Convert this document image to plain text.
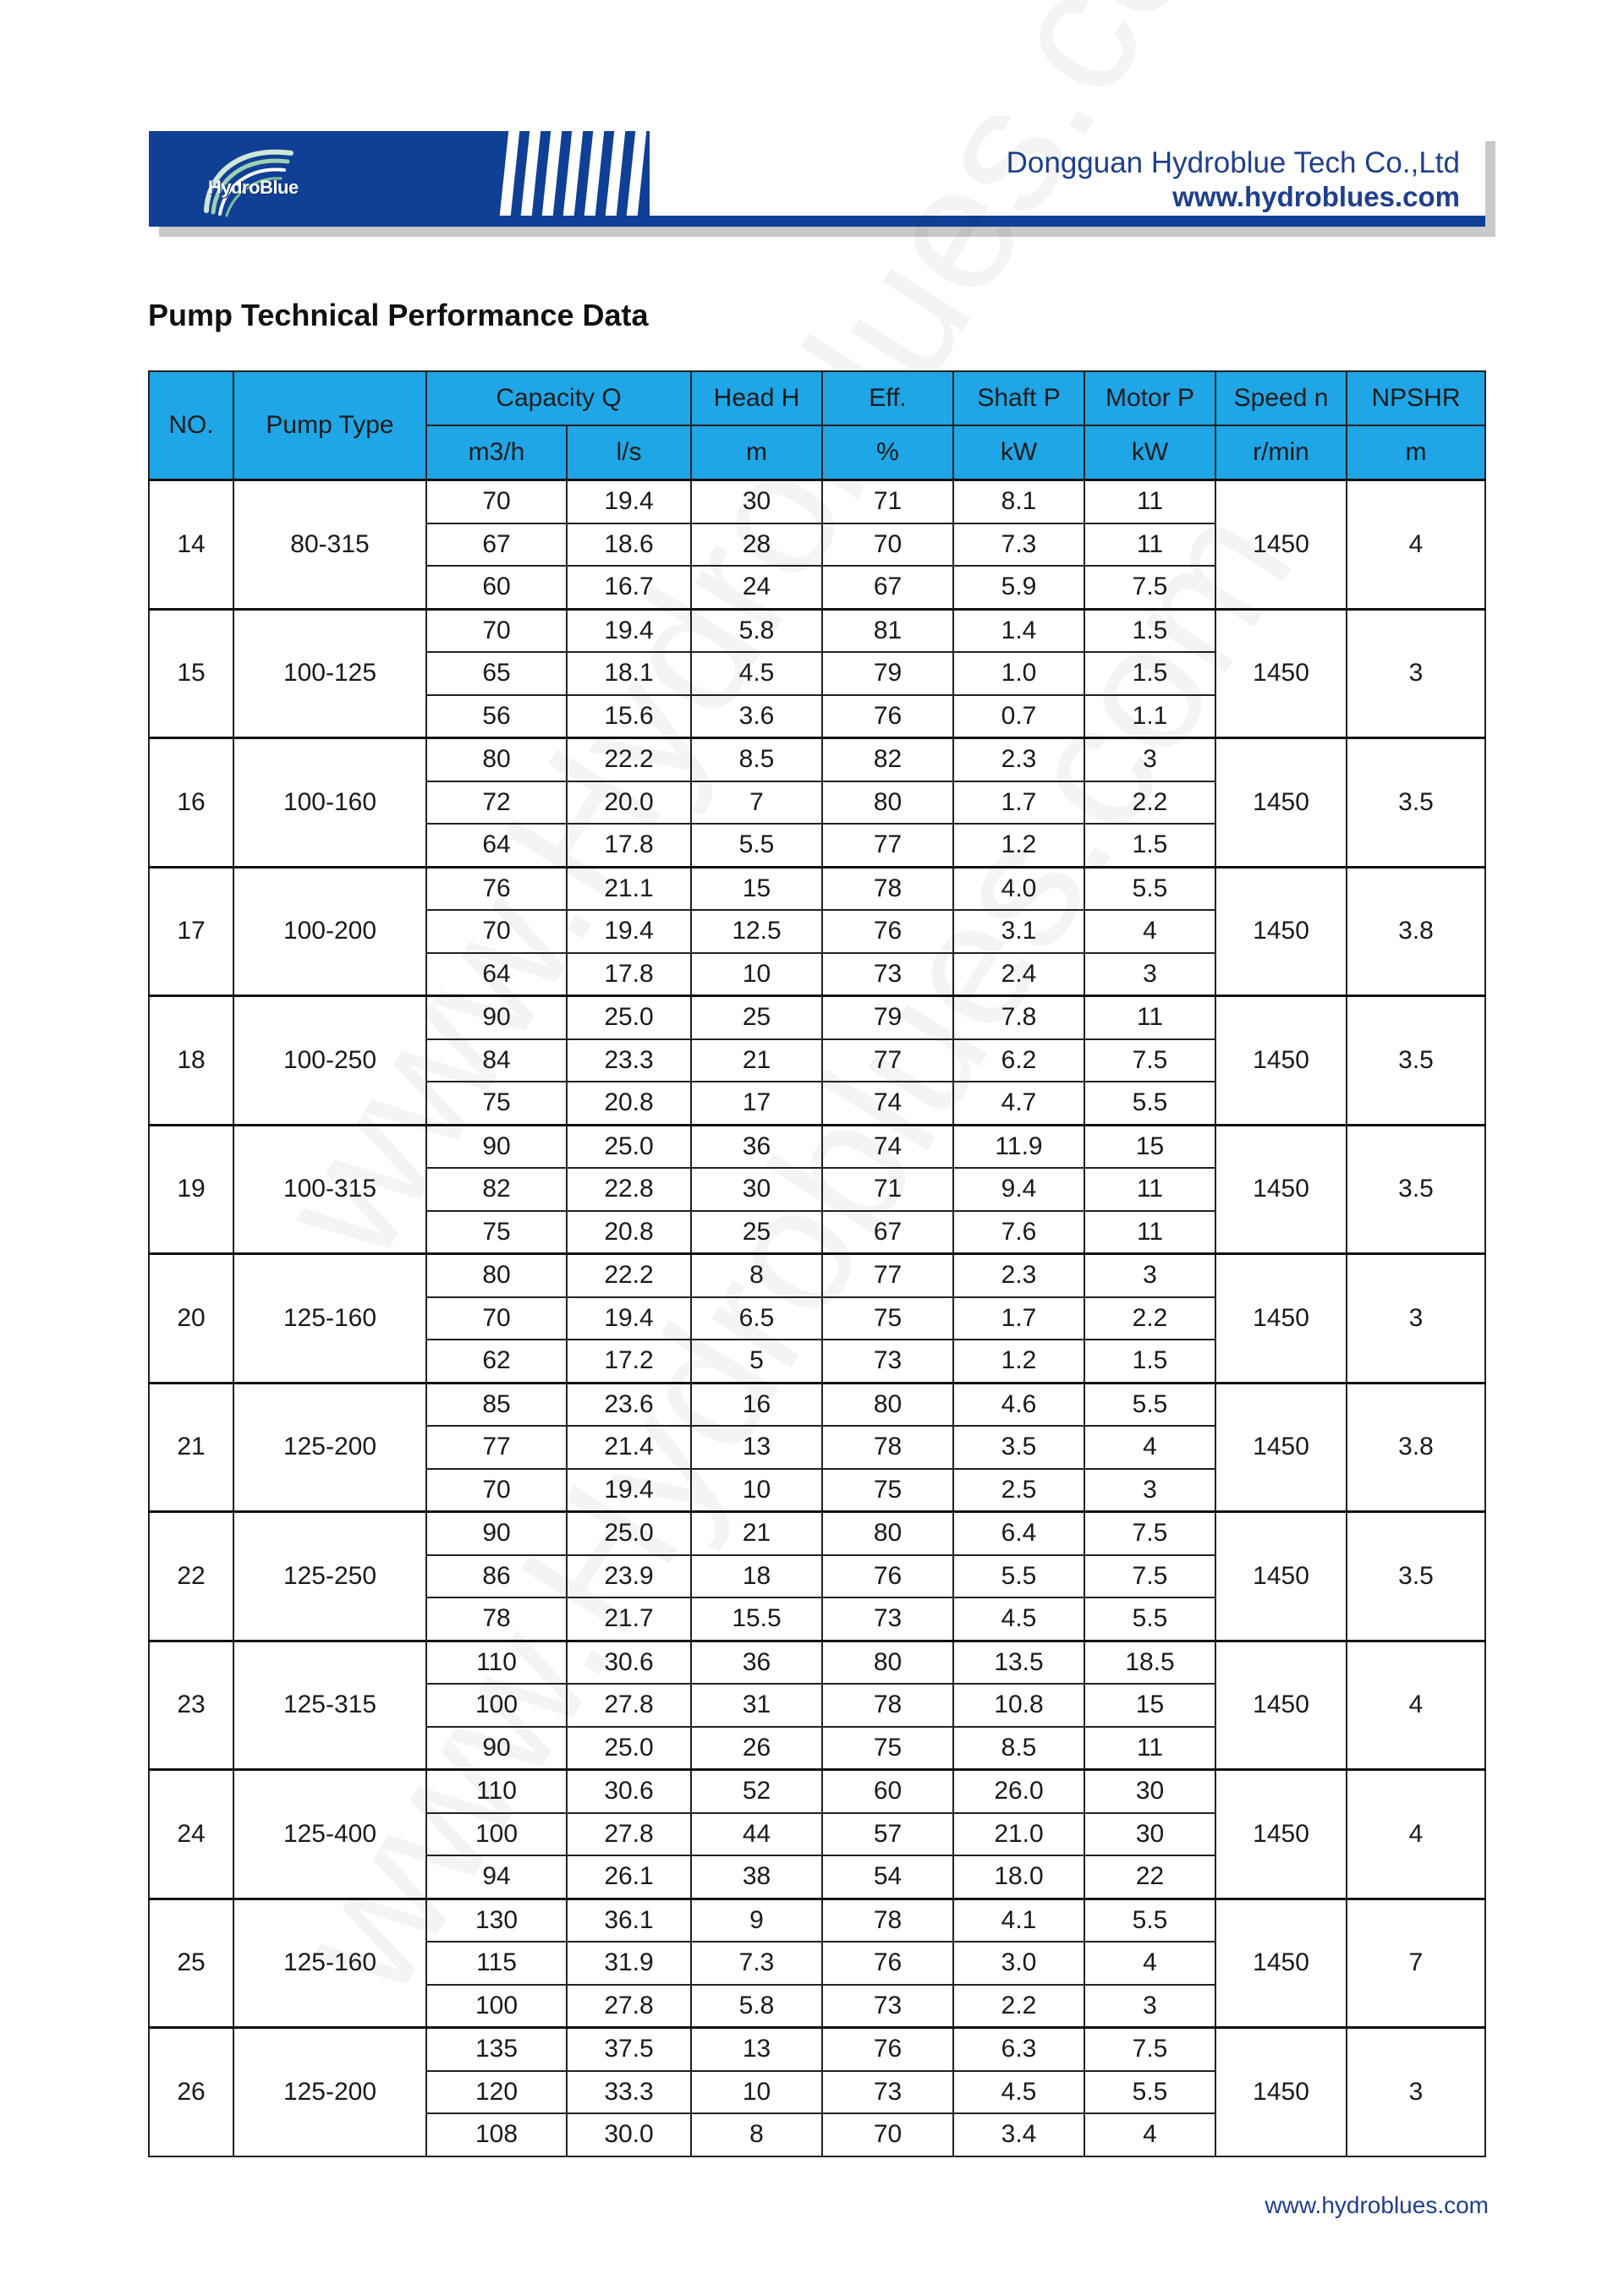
HydroBlue
Dongguan Hydroblue Tech Co.,Ltd
www.hydroblues.com
Pump Technical Performance Data
NO.	Pump Type	Capacity Q		Head H	Eff.	Shaft P	Motor P	Speed n	NPSHR
		m3/h	l/s	m	%	kW	kW	r/min	m
14	80-315	70	19.4	30	71	8.1	11	1450	4
		67	18.6	28	70	7.3	11		
		60	16.7	24	67	5.9	7.5		
15	100-125	70	19.4	5.8	81	1.4	1.5	1450	3
		65	18.1	4.5	79	1.0	1.5		
		56	15.6	3.6	76	0.7	1.1		
16	100-160	80	22.2	8.5	82	2.3	3	1450	3.5
		72	20.0	7	80	1.7	2.2		
		64	17.8	5.5	77	1.2	1.5		
17	100-200	76	21.1	15	78	4.0	5.5	1450	3.8
		70	19.4	12.5	76	3.1	4		
		64	17.8	10	73	2.4	3		
18	100-250	90	25.0	25	79	7.8	11	1450	3.5
		84	23.3	21	77	6.2	7.5		
		75	20.8	17	74	4.7	5.5		
19	100-315	90	25.0	36	74	11.9	15	1450	3.5
		82	22.8	30	71	9.4	11		
		75	20.8	25	67	7.6	11		
20	125-160	80	22.2	8	77	2.3	3	1450	3
		70	19.4	6.5	75	1.7	2.2		
		62	17.2	5	73	1.2	1.5		
21	125-200	85	23.6	16	80	4.6	5.5	1450	3.8
		77	21.4	13	78	3.5	4		
		70	19.4	10	75	2.5	3		
22	125-250	90	25.0	21	80	6.4	7.5	1450	3.5
		86	23.9	18	76	5.5	7.5		
		78	21.7	15.5	73	4.5	5.5		
23	125-315	110	30.6	36	80	13.5	18.5	1450	4
		100	27.8	31	78	10.8	15		
		90	25.0	26	75	8.5	11		
24	125-400	110	30.6	52	60	26.0	30	1450	4
		100	27.8	44	57	21.0	30		
		94	26.1	38	54	18.0	22		
25	125-160	130	36.1	9	78	4.1	5.5	1450	7
		115	31.9	7.3	76	3.0	4		
		100	27.8	5.8	73	2.2	3		
26	125-200	135	37.5	13	76	6.3	7.5	1450	3
		120	33.3	10	73	4.5	5.5		
		108	30.0	8	70	3.4	4		
www.hydroblues.com
